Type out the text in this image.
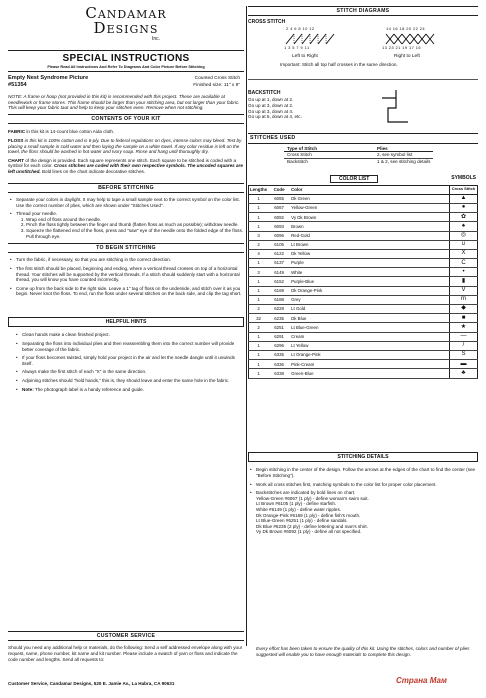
Candamar
Designs
Inc.
SPECIAL INSTRUCTIONS
Please Read All Instructions And Refer To Diagrams And Color Picture Before Stitching
Empty Nest Syndrome Picture
#51354
Counted Cross Stitch
Finished size: 11" x 9"

NOTE: A frame or hoop (not provided in this kit) is recommended with this project. These are available at needlework or frame stores. This frame should be larger than your stitching area, but not larger than your fabric. This will keep your fabric taut and help to keep your stitches even. Remove when not stitching.

CONTENTS OF YOUR KIT

FABRIC in this kit is 14-count blue cotton Aida cloth.

FLOSS in this kit is 100% cotton and is 6-ply. Due to federal regulations on dyes, intense colors may bleed. Test by placing a small sample in cold water and then laying the sample on a white towel. If any color residue is left on the towel, the floss should be washed in hot water and Ivory soap. Rinse and hang until thoroughly dry.

CHART of the design is provided. Each square represents one stitch. Each square to be stitched is coded with a symbol for each color. Cross stitches are coded with their own respective symbols. The uncoded squares are left unstitched. Bold lines on the chart indicate decorative stitches.

BEFORE STITCHING
• Separate your colors in daylight. It may help to tape a small sample next to the correct symbol on the color list. Use the correct number of plies, which are shown under "Stitches Used".
• Thread your needle.
1. Wrap end of floss around the needle.
2. Pinch the floss tightly between the finger and thumb (flatten floss as much as possible); withdraw needle.
3. Squeeze the flattened end of the floss, press and "saw" eye of the needle onto the folded edge of the floss. Pull through eye.
TO BEGIN STITCHING
• Turn the fabric, if necessary, so that you are stitching in the correct direction.
• The first stitch should be placed, beginning and ending, where a vertical thread crosses on top of a horizontal thread. Your stitches will be supported by the vertical threads. If a stitch should suddenly start with a horizontal thread, you will know you have counted incorrectly.
• Come up from the back side to the right side. Leave a 1" tag of floss on the underside, and stitch over it as you begin. Never knot the floss. To end, run the floss under several stitches on the back side, and clip the tag short.
HELPFUL HINTS
• Clean hands make a clean finished project.
• Separating the floss into individual plies and then reassembling them into the correct number will provide better coverage of the fabric.
• If your floss becomes twisted, simply hold your project in the air and let the needle dangle until it unwinds itself.
• Always make the first stitch of each "X" in the same direction.
• Adjoining stitches should "hold hands," this is, they should leave and enter the same hole in the fabric.
• Note: The photograph label is a handy reference and guide.
STITCH DIAGRAMS
CROSS STITCH
2 4 6 8 10 12
1 3 5 7 9 11
Left to Right
14 16 18 20 22 24
13 23 21 19 17 15
Right to Left
Important: Stitch all top half crosses in the same direction.
BACKSTITCH
Go up at 1, down at 2.
Go up at 3, down at 2.
Go up at 3, down at 4.
Go up at 5, down at 4, etc.
STITCHES USED
Type of Stitch	Plies
Cross Stitch	2, see symbol list
Backstitch	1 & 2, see stitching details
COLOR LIST	SYMBOLS
Lengths	Code	Color	Cross Stitch
1	6065	Dk Green	▲
1	6067	Yellow-Green	●
1	6092	Vy Dk Brown	✿
1	6093	Brown	♠
3	6096	Red-Gold	◎
2	6105	Lt Brown	∪
4	6122	Dk Yellow	X
1	6137	Purple	C
3	6149	White	•
1	6152	Purple-Blue	▮
1	6169	Dk Orange-Pink	V
1	6188	Grey	m
2	6228	Lt Gold	◆
32	6235	Dk Blue	■
2	6251	Lt Blue-Green	★
1	6291	Cream	—
1	6296	Lt Yellow	/
1	6335	Lt Orange-Pink	S
1	6336	Pink-Cream	▬
1	6338	Green-Blue	♣
STITCHING DETAILS
• Begin stitching in the center of the design. Follow the arrows at the edges of the chart to find the center (see "Before Stitching").
• Work all cross stitches first, matching symbols to the color list for proper color placement.
• Backstitches are indicated by bold lines on chart.
Yellow-Green #6067 (1 ply) - define woman's swim suit.
Lt Brown #6105 (1 ply) - define starfish.
White #6149 (1 ply) - define water ripples.
Dk Orange-Pink #6169 (1 ply) - define fish's mouth.
Lt Blue-Green #6251 (1 ply) - define sandals.
Dk Blue #6235 (2 ply) - define lettering and man's shirt.
Vy Dk Brown #6092 (1 ply) - define all not specified.
CUSTOMER SERVICE

Should you need any additional help or materials, do the following: Send a self addressed envelope along with your request, name, phone number, kit name and kit number. Please include a swatch of yarn or floss and indicate the code number and lengths. Send all requests to:

Customer Service, Candamar Designs, 520 E. Jamie Av., La Habra, CA 90631
Every effort has been taken to ensure the quality of this kit. Using the stitches, colors and number of plies suggested will enable you to have enough materials to complete this design.
Страна Мам
